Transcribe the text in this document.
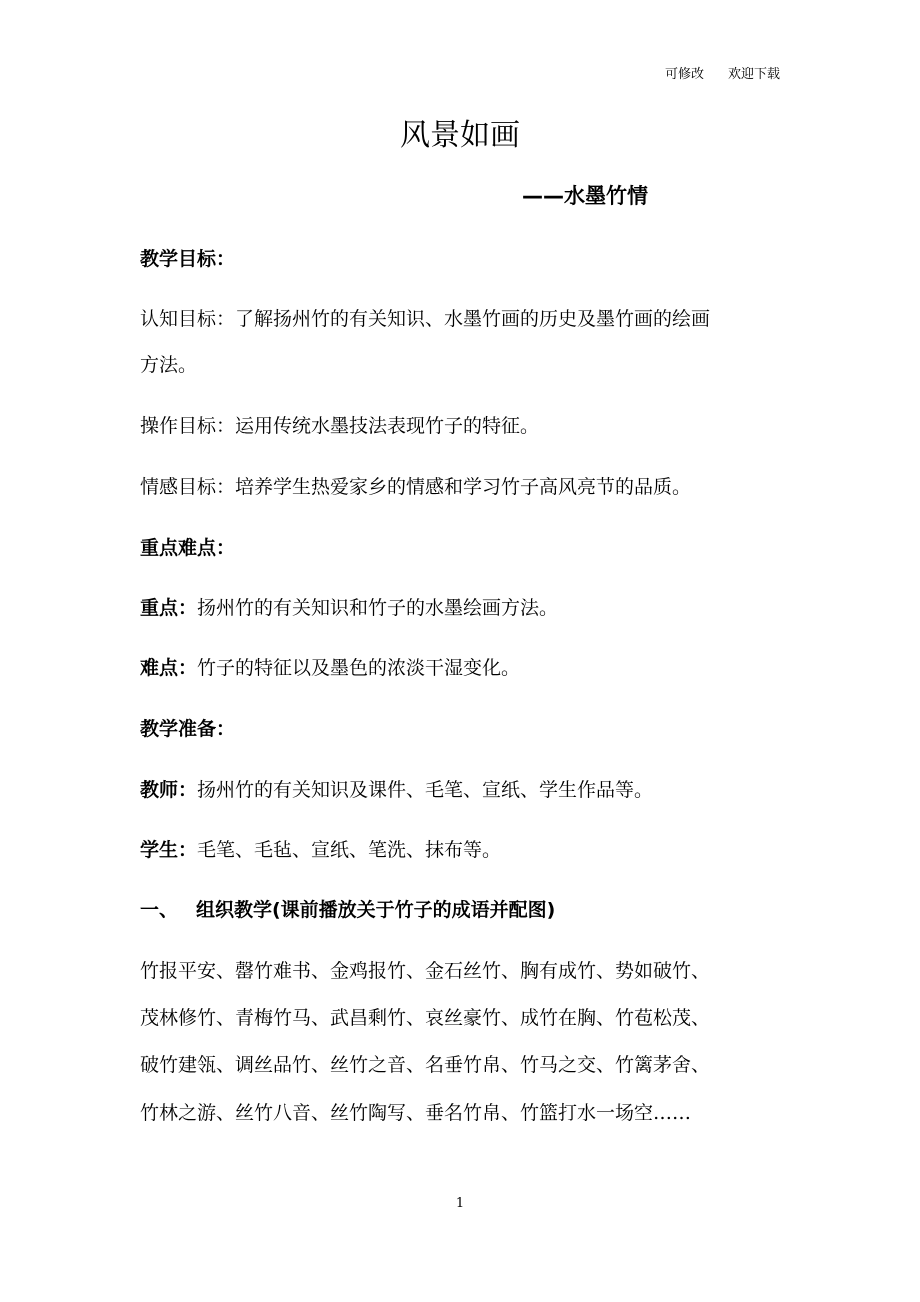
可修改 欢迎下载
风景如画
——水墨竹情
教学目标：
认知目标：了解扬州竹的有关知识、水墨竹画的历史及墨竹画的绘画
方法。
操作目标：运用传统水墨技法表现竹子的特征。
情感目标：培养学生热爱家乡的情感和学习竹子高风亮节的品质。
重点难点：
重点：扬州竹的有关知识和竹子的水墨绘画方法。
难点：竹子的特征以及墨色的浓淡干湿变化。
教学准备：
教师：扬州竹的有关知识及课件、毛笔、宣纸、学生作品等。
学生：毛笔、毛毡、宣纸、笔洗、抹布等。
一、 组织教学(课前播放关于竹子的成语并配图)
竹报平安、罄竹难书、金鸡报竹、金石丝竹、胸有成竹、势如破竹、
茂林修竹、青梅竹马、武昌剩竹、哀丝豪竹、成竹在胸、竹苞松茂、
破竹建瓴、调丝品竹、丝竹之音、名垂竹帛、竹马之交、竹篱茅舍、
竹林之游、丝竹八音、丝竹陶写、垂名竹帛、竹篮打水一场空……
1
